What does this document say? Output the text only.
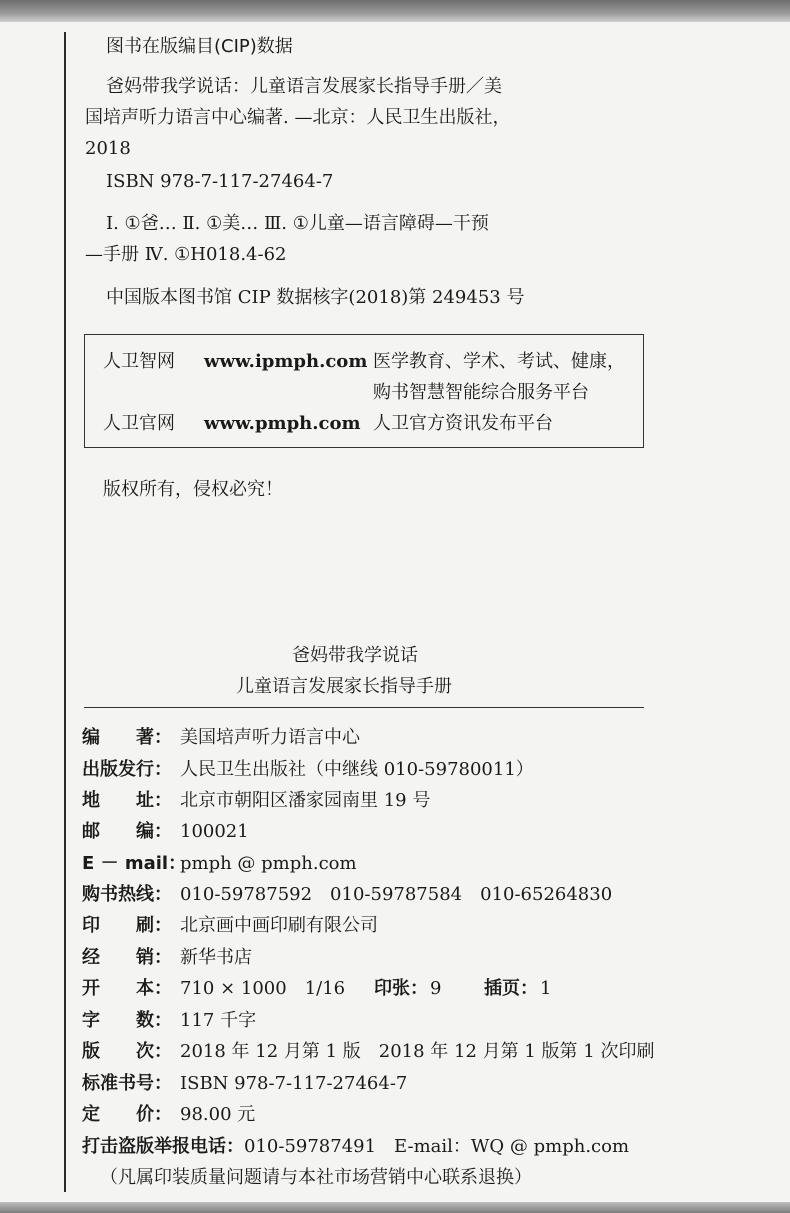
图书在版编目(CIP)数据
爸妈带我学说话：儿童语言发展家长指导手册／美
国培声听力语言中心编著. —北京：人民卫生出版社，
2018
ISBN 978-7-117-27464-7
Ⅰ. ①爸… Ⅱ. ①美… Ⅲ. ①儿童—语言障碍—干预
—手册 Ⅳ. ①H018.4-62
中国版本图书馆 CIP 数据核字(2018)第 249453 号
人卫智网 www.ipmph.com 医学教育、学术、考试、健康，
购书智慧智能综合服务平台
人卫官网 www.pmph.com 人卫官方资讯发布平台
版权所有，侵权必究！
爸妈带我学说话
儿童语言发展家长指导手册
编　　著： 美国培声听力语言中心
出版发行： 人民卫生出版社（中继线 010-59780011）
地　　址： 北京市朝阳区潘家园南里 19 号
邮　　编： 100021
E － mail：pmph @ pmph.com
购书热线： 010-59787592　010-59787584　010-65264830
印　　刷： 北京画中画印刷有限公司
经　　销： 新华书店
开　　本： 710 × 1000　1/16 印张： 9 插页： 1
字　　数： 117 千字
版　　次： 2018 年 12 月第 1 版　2018 年 12 月第 1 版第 1 次印刷
标准书号： ISBN 978-7-117-27464-7
定　　价： 98.00 元
打击盗版举报电话：010-59787491　E-mail：WQ @ pmph.com
（凡属印装质量问题请与本社市场营销中心联系退换）
